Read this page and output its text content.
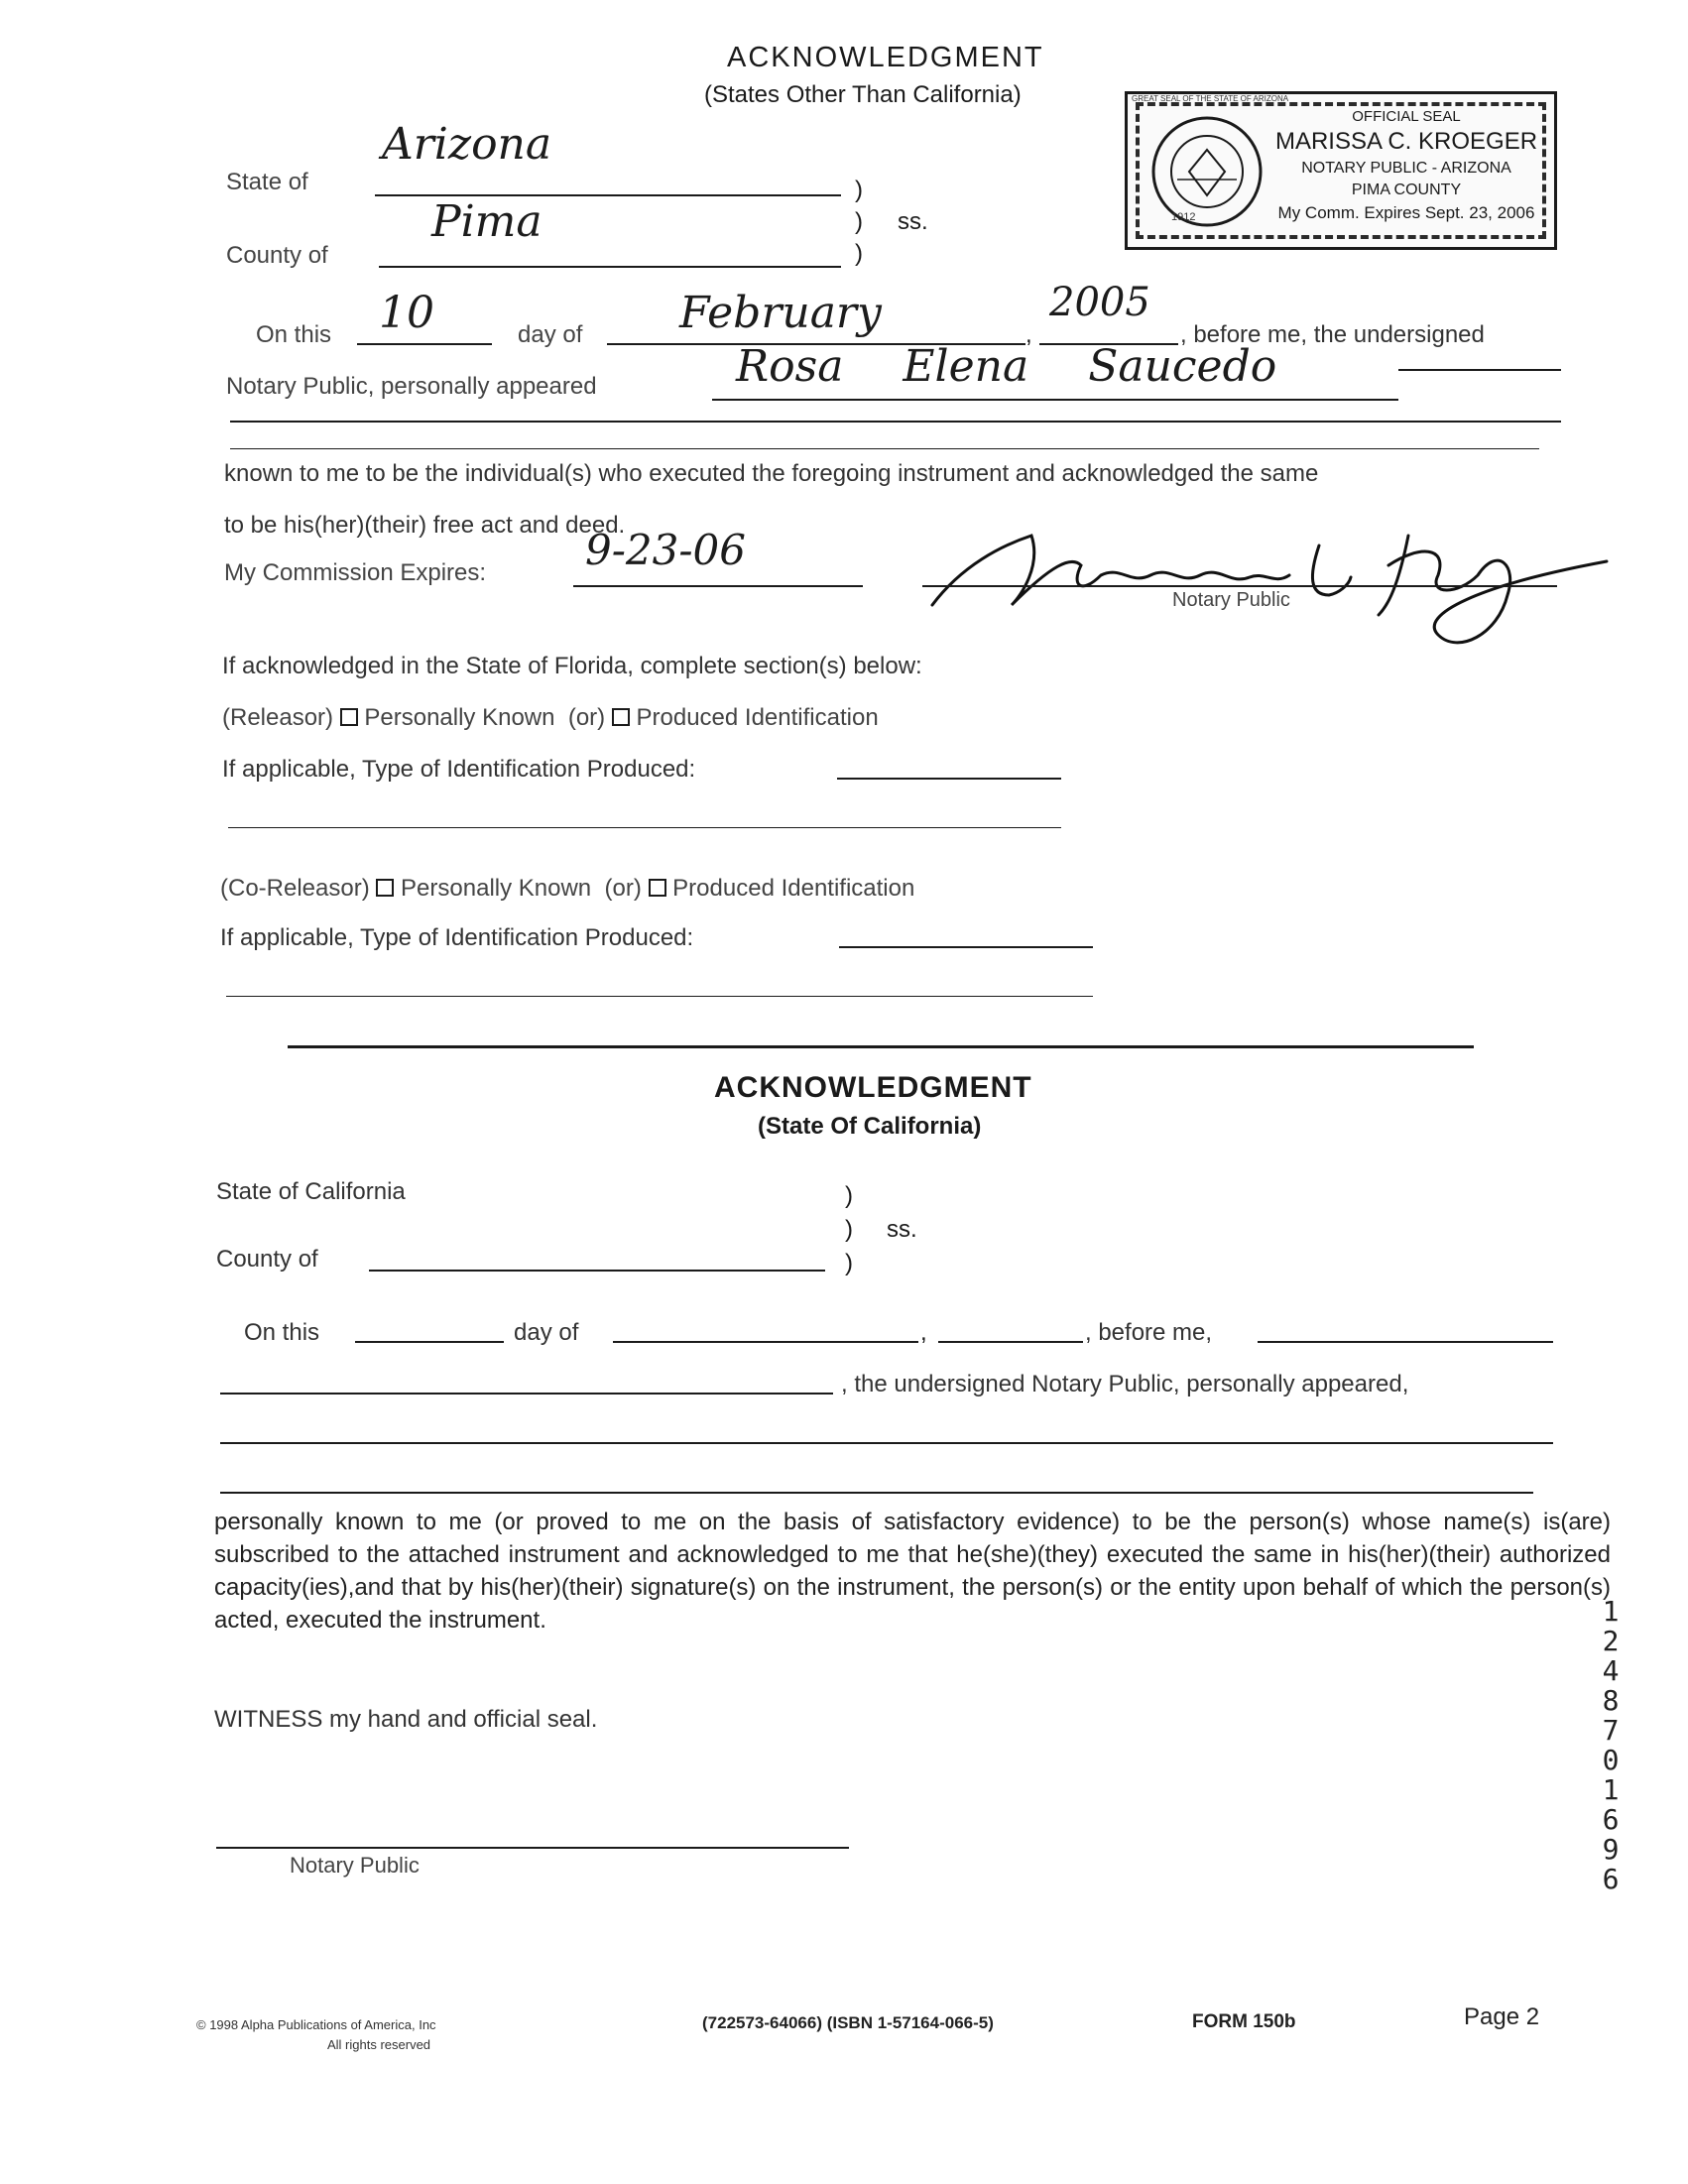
ACKNOWLEDGMENT
(States Other Than California)
1912
GREAT SEAL OF THE STATE OF ARIZONA
OFFICIAL SEAL
MARISSA C. KROEGER
NOTARY PUBLIC - ARIZONA
PIMA COUNTY
My Comm. Expires Sept. 23, 2006
State of
Arizona
)
)
)
ss.
County of
Pima
On this 10	day of February	,
2005
, before me, the undersigned
Notary Public, personally appeared	Rosa Elena Saucedo
known to me to be the individual(s) who executed the foregoing instrument and acknowledged the same
to be his(her)(their) free act and deed.
My Commission Expires: 9-23-06
Notary Public
If acknowledged in the State of Florida, complete section(s) below:
(Releasor) Personally Known (or) Produced Identification
If applicable, Type of Identification Produced:
(Co-Releasor) Personally Known (or) Produced Identification
If applicable, Type of Identification Produced:
ACKNOWLEDGMENT
(State Of California)
State of California	)
)
)
ss.
County of
On this	day of	,	, before me,
, the undersigned Notary Public, personally appeared,
personally known to me (or proved to me on the basis of satisfactory evidence) to be the person(s) whose name(s) is(are) subscribed to the attached instrument and acknowledged to me that he(she)(they) executed the same in his(her)(their) authorized capacity(ies),and that by his(her)(their) signature(s) on the instrument, the person(s) or the entity upon behalf of which the person(s) acted, executed the instrument.
WITNESS my hand and official seal.
Notary Public
© 1998 Alpha Publications of America, Inc
All rights reserved
(722573-64066) (ISBN 1-57164-066-5)	FORM 150b	Page 2
12487 01696
